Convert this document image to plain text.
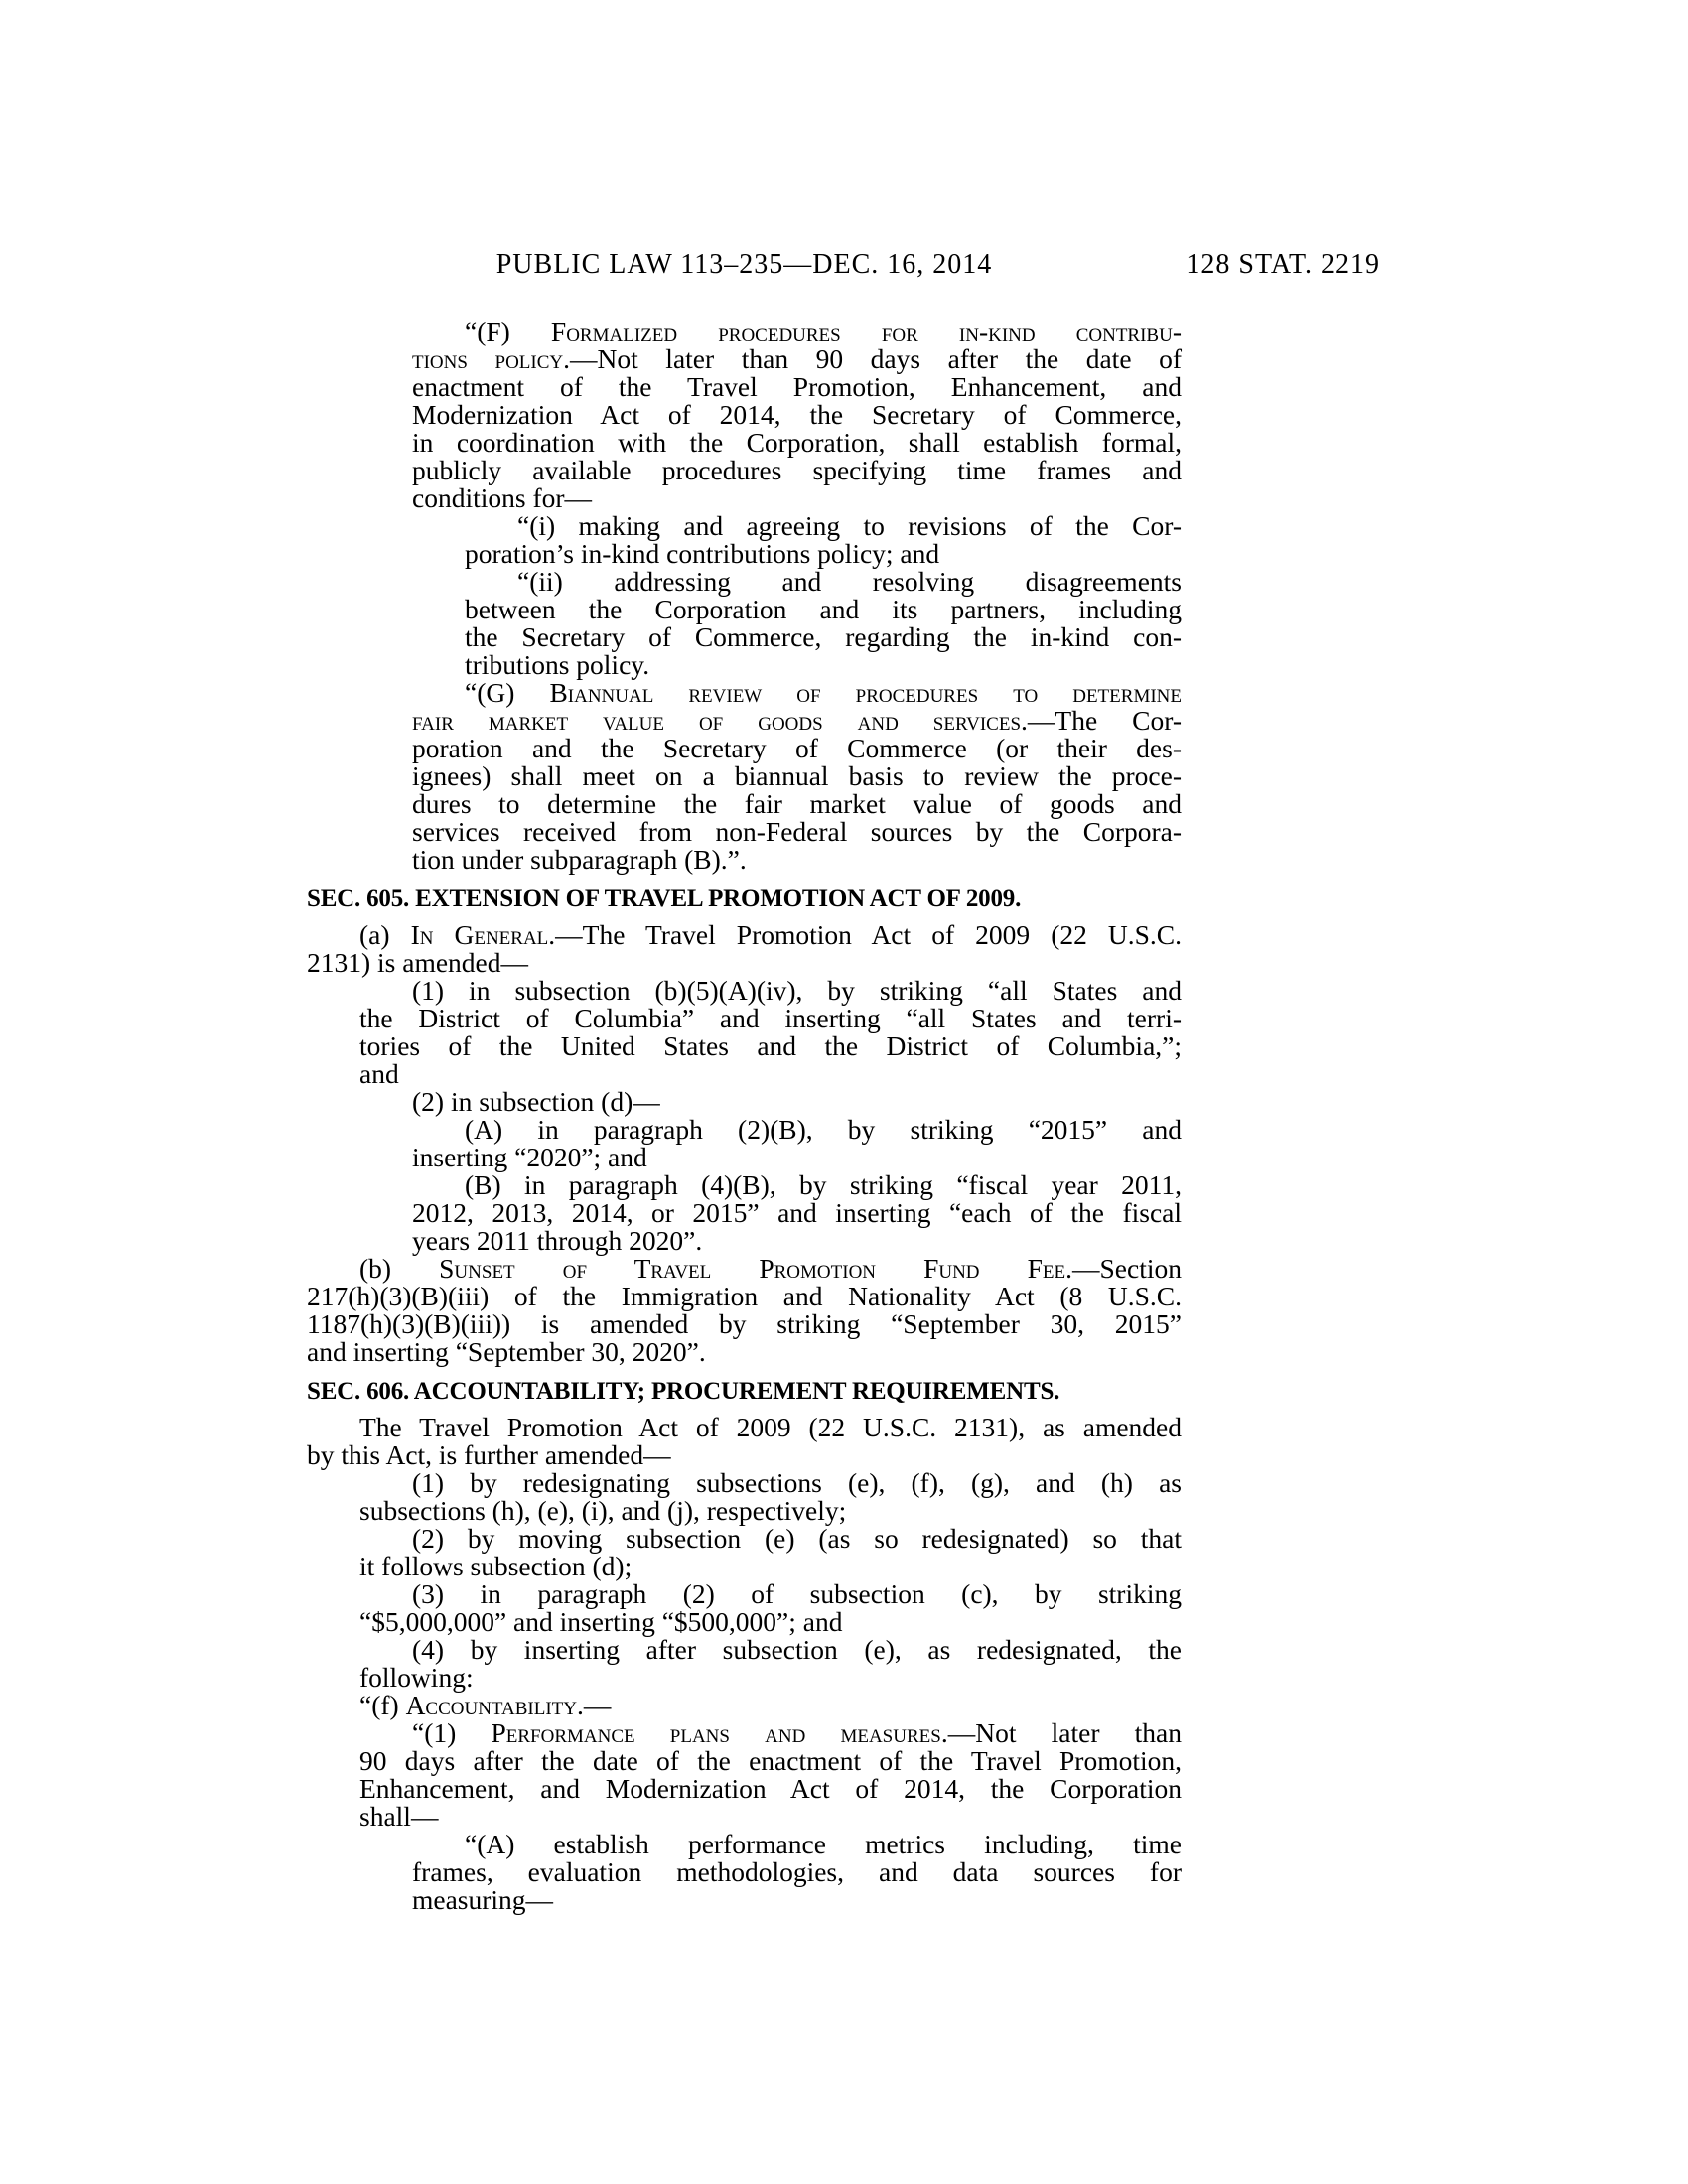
PUBLIC LAW 113–235—DEC. 16, 2014	128 STAT. 2219
“(F) Formalized procedures for in-kind contribu-
tions policy.—Not later than 90 days after the date of
enactment of the Travel Promotion, Enhancement, and
Modernization Act of 2014, the Secretary of Commerce,
in coordination with the Corporation, shall establish formal,
publicly available procedures specifying time frames and
conditions for—
“(i) making and agreeing to revisions of the Cor-
poration’s in-kind contributions policy; and
“(ii) addressing and resolving disagreements
between the Corporation and its partners, including
the Secretary of Commerce, regarding the in-kind con-
tributions policy.
“(G) Biannual review of procedures to determine
fair market value of goods and services.—The Cor-
poration and the Secretary of Commerce (or their des-
ignees) shall meet on a biannual basis to review the proce-
dures to determine the fair market value of goods and
services received from non-Federal sources by the Corpora-
tion under subparagraph (B).”.
SEC. 605. EXTENSION OF TRAVEL PROMOTION ACT OF 2009.
(a) In General.—The Travel Promotion Act of 2009 (22 U.S.C.
2131) is amended—
(1) in subsection (b)(5)(A)(iv), by striking “all States and
the District of Columbia” and inserting “all States and terri-
tories of the United States and the District of Columbia,”;
and
(2) in subsection (d)—
(A) in paragraph (2)(B), by striking “2015” and
inserting “2020”; and
(B) in paragraph (4)(B), by striking “fiscal year 2011,
2012, 2013, 2014, or 2015” and inserting “each of the fiscal
years 2011 through 2020”.
(b) Sunset of Travel Promotion Fund Fee.—Section
217(h)(3)(B)(iii) of the Immigration and Nationality Act (8 U.S.C.
1187(h)(3)(B)(iii)) is amended by striking “September 30, 2015”
and inserting “September 30, 2020”.
SEC. 606. ACCOUNTABILITY; PROCUREMENT REQUIREMENTS.
The Travel Promotion Act of 2009 (22 U.S.C. 2131), as amended
by this Act, is further amended—
(1) by redesignating subsections (e), (f), (g), and (h) as
subsections (h), (e), (i), and (j), respectively;
(2) by moving subsection (e) (as so redesignated) so that
it follows subsection (d);
(3) in paragraph (2) of subsection (c), by striking
“$5,000,000” and inserting “$500,000”; and
(4) by inserting after subsection (e), as redesignated, the
following:
“(f) Accountability.—
“(1) Performance plans and measures.—Not later than
90 days after the date of the enactment of the Travel Promotion,
Enhancement, and Modernization Act of 2014, the Corporation
shall—
“(A) establish performance metrics including, time
frames, evaluation methodologies, and data sources for
measuring—
